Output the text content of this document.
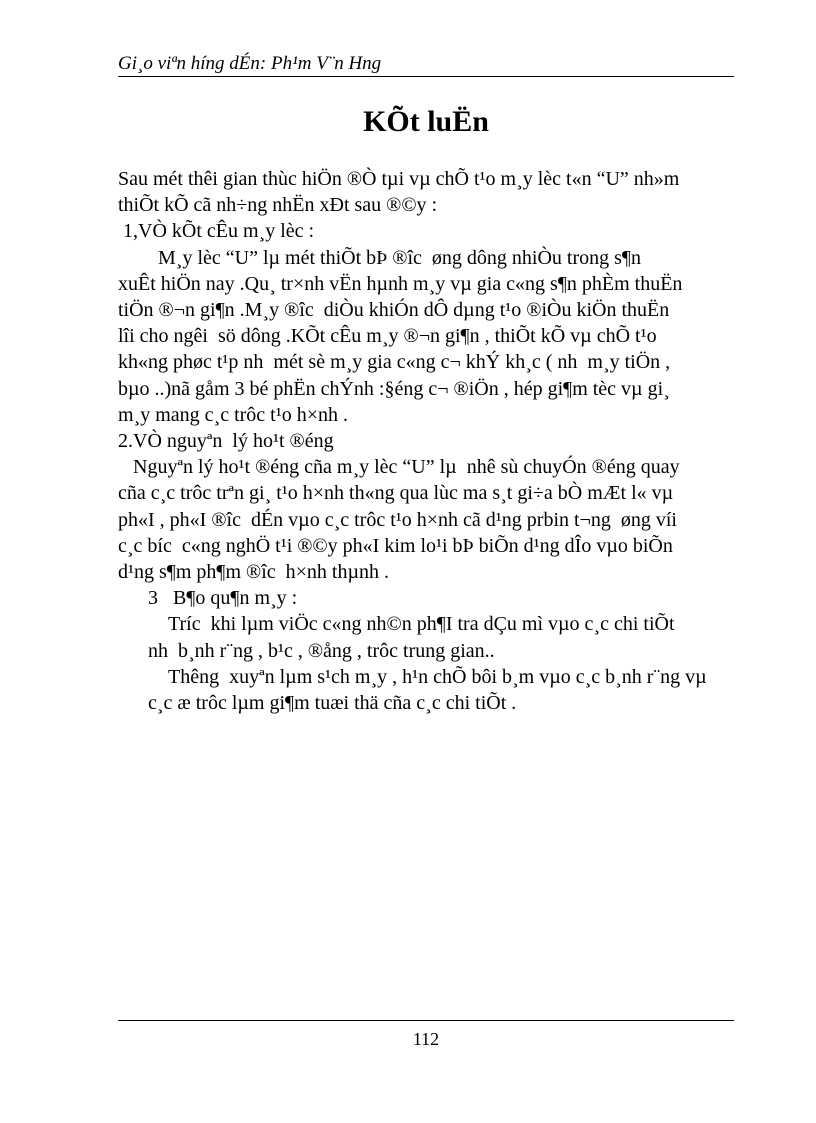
Gi¸o viªn híng dÉn: Ph¹m V¨n Hng
KÕt luËn

Sau mét thêi gian thùc hiÖn ®Ò tµi vµ chÕ t¹o m¸y lèc t«n “U” nh»m

thiÕt kÕ cã nh÷ng nhËn xÐt sau ®©y :

1,VÒ kÕt cÊu m¸y lèc :

M¸y lèc “U” lµ mét thiÕt bÞ ®îc  øng dông nhiÒu trong s¶n

xuÊt hiÖn nay .Qu¸ tr×nh vËn hµnh m¸y vµ gia c«ng s¶n phÈm thuËn

tiÖn ®¬n gi¶n .M¸y ®îc  diÒu khiÓn dÔ dµng t¹o ®iÒu kiÖn thuËn

lîi cho ngêi  sö dông .KÕt cÊu m¸y ®¬n gi¶n , thiÕt kÕ vµ chÕ t¹o

kh«ng phøc t¹p nh  mét sè m¸y gia c«ng c¬ khÝ kh¸c ( nh  m¸y tiÖn ,

bµo ..)nã gåm 3 bé phËn chÝnh :§éng c¬ ®iÖn , hép gi¶m tèc vµ gi¸

m¸y mang c¸c trôc t¹o h×nh .

2.VÒ nguyªn  lý ho¹t ®éng

Nguyªn lý ho¹t ®éng cña m¸y lèc “U” lµ  nhê sù chuyÓn ®éng quay

cña c¸c trôc trªn gi¸ t¹o h×nh th«ng qua lùc ma s¸t gi÷a bÒ mÆt l« vµ

ph«I , ph«I ®îc  dÉn vµo c¸c trôc t¹o h×nh cã d¹ng prbin t¬ng  øng víi

c¸c bíc  c«ng nghÖ t¹i ®©y ph«I kim lo¹i bÞ biÕn d¹ng dÎo vµo biÕn

d¹ng s¶m ph¶m ®îc  h×nh thµnh .

3   B¶o qu¶n m¸y :

Tríc  khi lµm viÖc c«ng nh©n ph¶I tra dÇu mì vµo c¸c chi tiÕt

nh  b¸nh r¨ng , b¹c , ®ång , trôc trung gian..

Thêng  xuyªn lµm s¹ch m¸y , h¹n chÕ bôi b¸m vµo c¸c b¸nh r¨ng vµ

c¸c æ trôc lµm gi¶m tuæi thä cña c¸c chi tiÕt .

112
